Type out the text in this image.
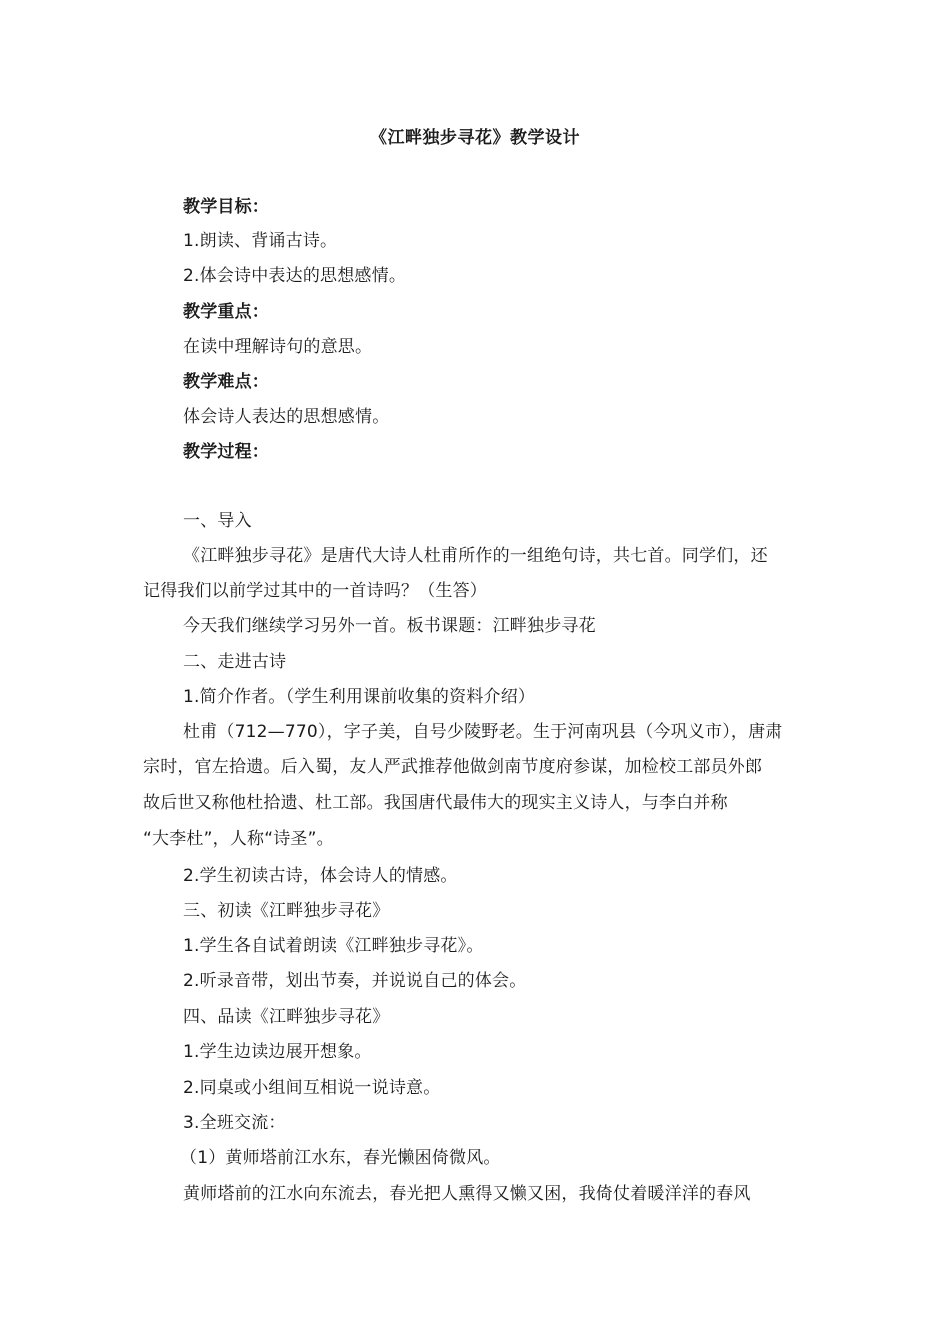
《江畔独步寻花》教学设计
教学目标：
1.朗读、背诵古诗。
2.体会诗中表达的思想感情。
教学重点：
在读中理解诗句的意思。
教学难点：
体会诗人表达的思想感情。
教学过程：
一、导入
《江畔独步寻花》是唐代大诗人杜甫所作的一组绝句诗，共七首。同学们，还
记得我们以前学过其中的一首诗吗？（生答）
今天我们继续学习另外一首。板书课题：江畔独步寻花
二、走进古诗
1.简介作者。（学生利用课前收集的资料介绍）
杜甫（712—770），字子美，自号少陵野老。生于河南巩县（今巩义市），唐肃
宗时，官左拾遗。后入蜀，友人严武推荐他做剑南节度府参谋，加检校工部员外郎
故后世又称他杜拾遗、杜工部。我国唐代最伟大的现实主义诗人，与李白并称
“大李杜”，人称“诗圣”。
2.学生初读古诗，体会诗人的情感。
三、初读《江畔独步寻花》
1.学生各自试着朗读《江畔独步寻花》。
2.听录音带，划出节奏，并说说自己的体会。
四、品读《江畔独步寻花》
1.学生边读边展开想象。
2.同桌或小组间互相说一说诗意。
3.全班交流：
（1）黄师塔前江水东，春光懒困倚微风。
黄师塔前的江水向东流去，春光把人熏得又懒又困，我倚仗着暖洋洋的春风
